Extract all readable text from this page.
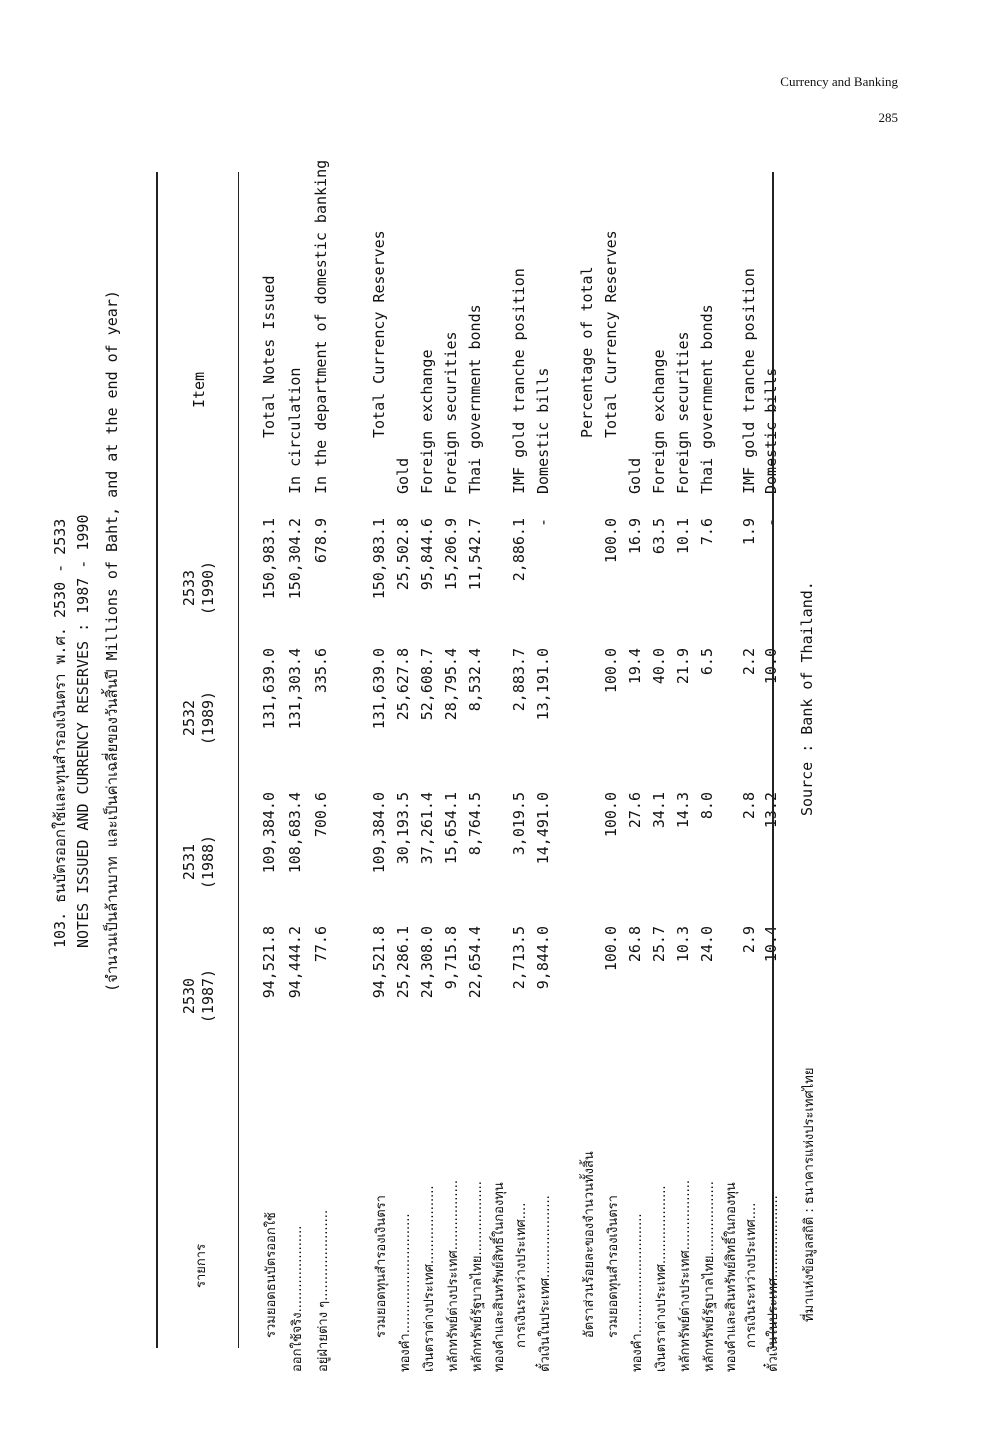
Currency and Banking
285
103. ธนบัตรออกใช้และทุนสำรองเงินตรา พ.ศ. 2530 - 2533 NOTES ISSUED AND CURRENCY RESERVES : 1987 - 1990 (จำนวนเป็นล้านบาท และเป็นค่าเฉลี่ยของวันสิ้นปี Millions of Baht, and at the end of year)
รายการ
2530
(1987)
2531
(1988)
2532
(1989)
2533
(1990)
Item
รวมยอดธนบัตรออกใช้
94,521.8
109,384.0
131,639.0
150,983.1
Total Notes Issued
ออกใช้จริง.....................
94,444.2
108,683.4
131,303.4
150,304.2
In circulation
อยู่ฝ่ายต่าง ๆ......................
77.6
700.6
335.6
678.9
In the department of domestic banking
รวมยอดทุนสำรองเงินตรา
94,521.8
109,384.0
131,639.0
150,983.1
Total Currency Reserves
ทองคำ.............................
25,286.1
30,193.5
25,627.8
25,502.8
Gold
เงินตราต่างประเทศ...................
24,308.0
37,261.4
52,608.7
95,844.6
Foreign exchange
หลักทรัพย์ต่างประเทศ.................
9,715.8
15,654.1
28,795.4
15,206.9
Foreign securities
หลักทรัพย์รัฐบาลไทย..................
22,654.4
8,764.5
8,532.4
11,542.7
Thai government bonds
ทองคำและสินทรัพย์สิทธิ์ในกองทุน การเงินระหว่างประเทศ....
2,713.5
3,019.5
2,883.7
2,886.1
IMF gold tranche position
ตั๋วเงินในประเทศ....................
9,844.0
14,491.0
13,191.0
-
Domestic bills
อัตราส่วนร้อยละของจำนวนทั้งสิ้น
Percentage of total
รวมยอดทุนสำรองเงินตรา
100.0
100.0
100.0
100.0
Total Currency Reserves
ทองคำ.............................
26.8
27.6
19.4
16.9
Gold
เงินตราต่างประเทศ...................
25.7
34.1
40.0
63.5
Foreign exchange
หลักทรัพย์ต่างประเทศ.................
10.3
14.3
21.9
10.1
Foreign securities
หลักทรัพย์รัฐบาลไทย..................
24.0
8.0
6.5
7.6
Thai government bonds
ทองคำและสินทรัพย์สิทธิ์ในกองทุน การเงินระหว่างประเทศ....
2.9
2.8
2.2
1.9
IMF gold tranche position
ตั๋วเงินในประเทศ....................
10.4
13.2
10.0
-
Domestic bills
ที่มาแห่งข้อมูลสถิติ : ธนาคารแห่งประเทศไทย
Source : Bank of Thailand.
